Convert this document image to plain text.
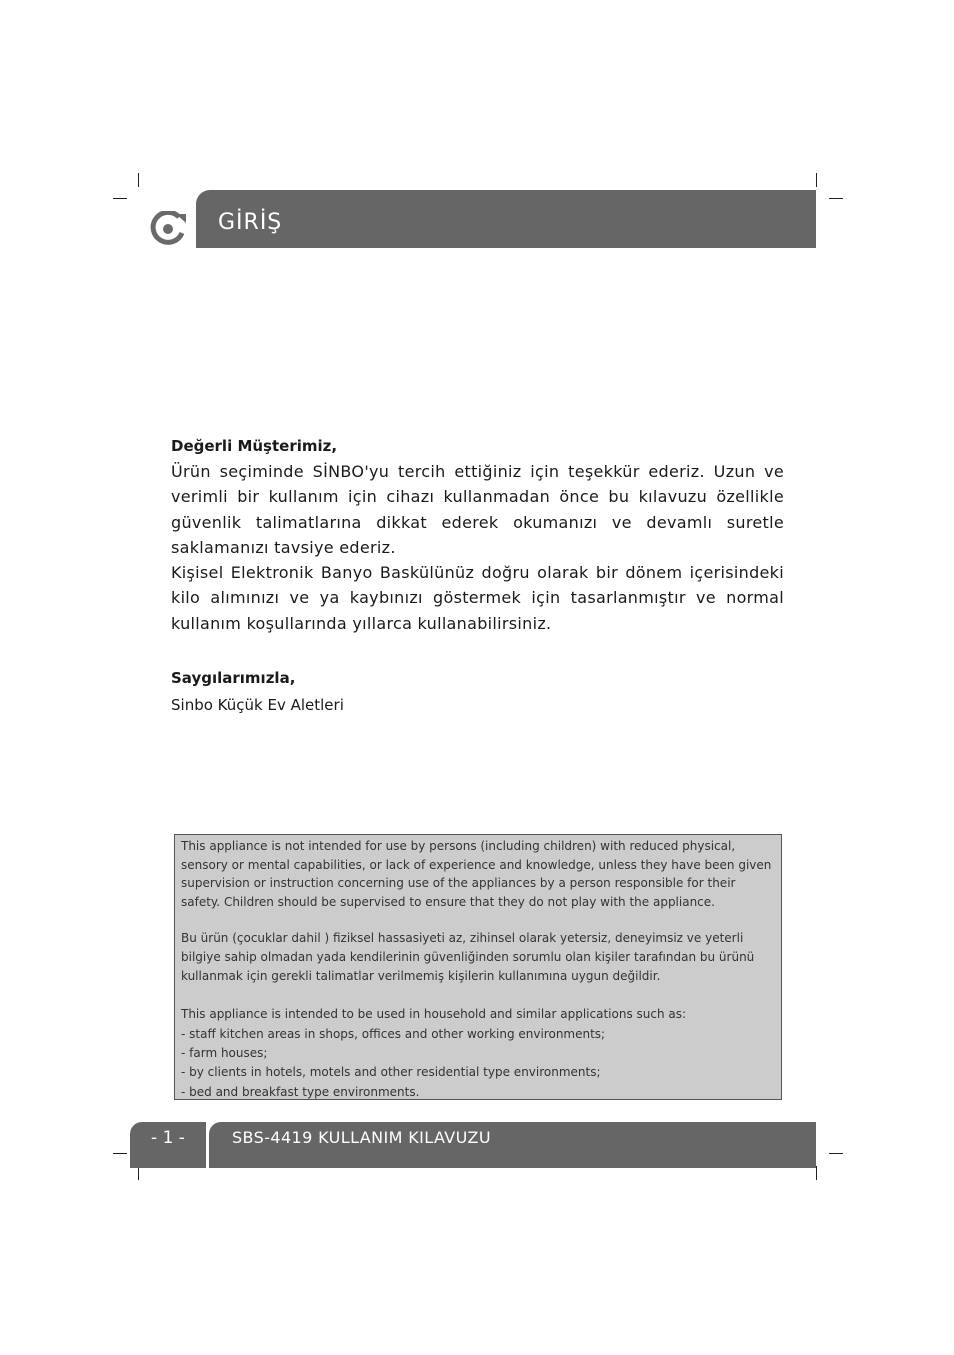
GİRİŞ

Değerli Müşterimiz,

Ürün seçiminde SİNBO'yu tercih ettiğiniz için teşekkür ederiz. Uzun ve verimli bir kullanım için cihazı kullanmadan önce bu kılavuzu özellikle güvenlik talimatlarına dikkat ederek okumanızı ve devamlı suretle saklamanızı tavsiye ederiz.

Kişisel Elektronik Banyo Baskülünüz doğru olarak bir dönem içerisindeki kilo alımınızı ve ya kaybınızı göstermek için tasarlanmıştır ve normal kullanım koşullarında yıllarca kullanabilirsiniz.

Saygılarımızla,

Sinbo Küçük Ev Aletleri

This appliance is not intended for use by persons (including children) with reduced physical, sensory or mental capabilities, or lack of experience and knowledge, unless they have been given supervision or instruction concerning use of the appliances by a person responsible for their safety. Children should be supervised to ensure that they do not play with the appliance.

Bu ürün (çocuklar dahil ) fiziksel hassasiyeti az, zihinsel olarak yetersiz, deneyimsiz ve yeterli bilgiye sahip olmadan yada kendilerinin güvenliğinden sorumlu olan kişiler tarafından bu ürünü kullanmak için gerekli talimatlar verilmemiş kişilerin kullanımına uygun değildir.

This appliance is intended to be used in household and similar applications such as:

- staff kitchen areas in shops, offices and other working environments;

- farm houses;

- by clients in hotels, motels and other residential type environments;

- bed and breakfast type environments.

- 1 -	SBS-4419 KULLANIM KILAVUZU
